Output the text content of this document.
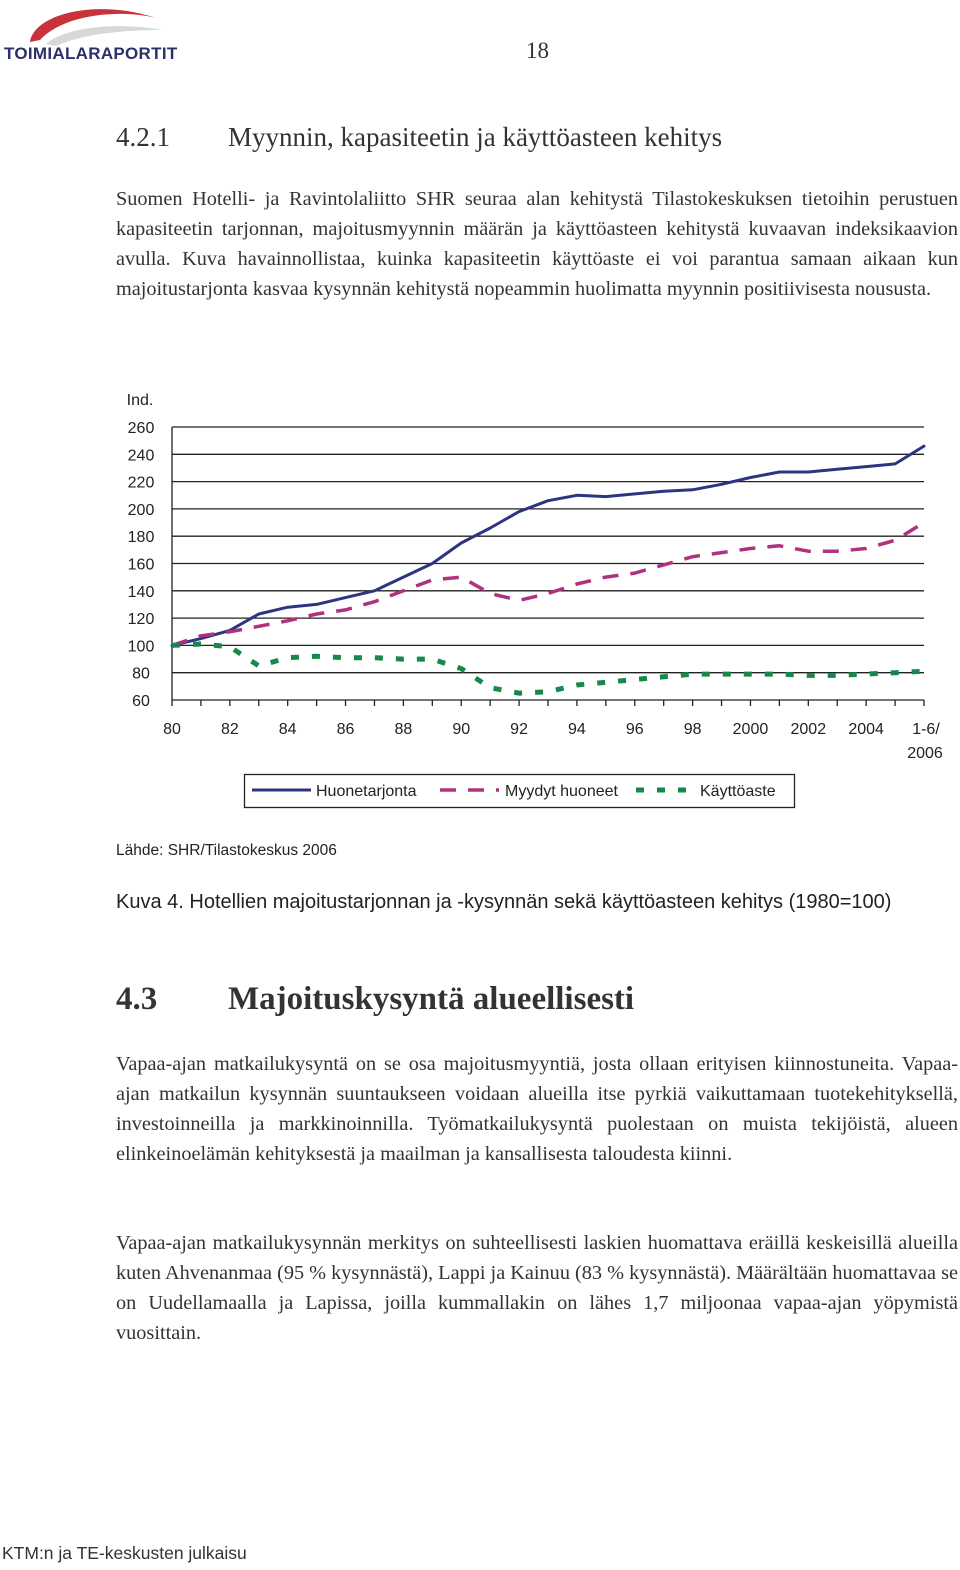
TOIMIALARAPORTIT	18
4.2.1 Myynnin, kapasiteetin ja käyttöasteen kehitys

Suomen Hotelli- ja Ravintolaliitto SHR seuraa alan kehitystä Tilastokeskuksen tietoihin perustuen kapasiteetin tarjonnan, majoitusmyynnin määrän ja käyttöasteen kehitystä kuvaavan indeksikaavion avulla. Kuva havainnollistaa, kuinka kapasiteetin käyttöaste ei voi parantua samaan aikaan kun majoitustarjonta kasvaa kysynnän kehitystä nopeammin huolimatta myynnin positiivisesta noususta.

Ind.
260
240
220
200
180
160
140
120
100
80
60
80	82	84	86	88	90	92	94	96	98 2000 2002 2004 1-6/
2006
Huonetarjonta	Myydyt huoneet	Käyttöaste
Lähde: SHR/Tilastokeskus 2006
Kuva 4. Hotellien majoitustarjonnan ja -kysynnän sekä käyttöasteen kehitys (1980=100)
4.3 Majoituskysyntä alueellisesti

Vapaa-ajan matkailukysyntä on se osa majoitusmyyntiä, josta ollaan erityisen kiinnostuneita. Vapaa-ajan matkailun kysynnän suuntaukseen voidaan alueilla itse pyrkiä vaikuttamaan tuotekehityksellä, investoinneilla ja markkinoinnilla. Työmatkailukysyntä puolestaan on muista tekijöistä, alueen elinkeinoelämän kehityksestä ja maailman ja kansallisesta taloudesta kiinni.

Vapaa-ajan matkailukysynnän merkitys on suhteellisesti laskien huomattava eräillä keskeisillä alueilla kuten Ahvenanmaa (95 % kysynnästä), Lappi ja Kainuu (83 % kysynnästä). Määrältään huomattavaa se on Uudellamaalla ja Lapissa, joilla kummallakin on lähes 1,7 miljoonaa vapaa-ajan yöpymistä vuosittain.

KTM:n ja TE-keskusten julkaisu
